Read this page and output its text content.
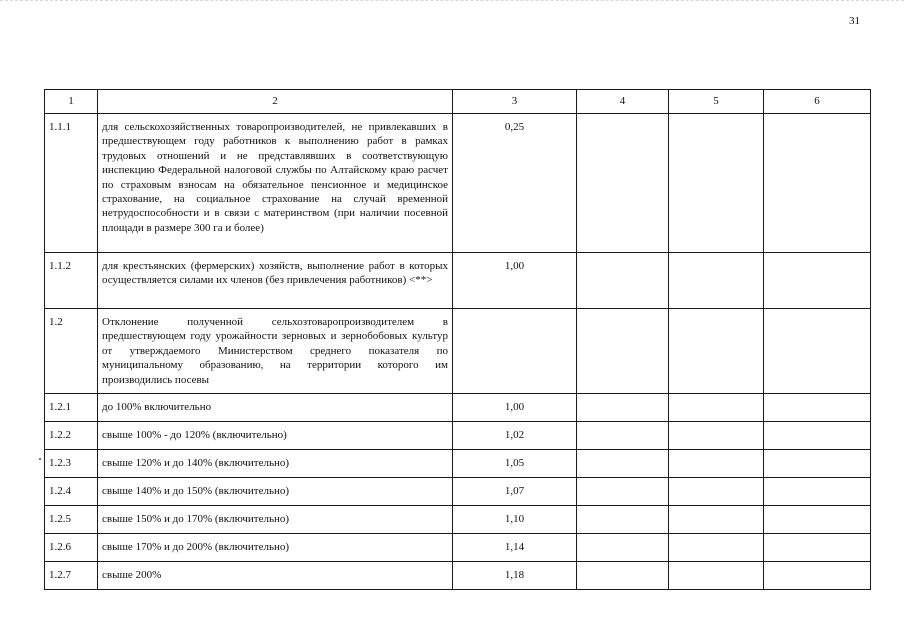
31
1	2	3	4	5	6
1.1.1	для сельскохозяйственных товаропроизводителей, не привлекавших в предшествующем году работников к выполнению работ в рамках трудовых отношений и не представлявших в соответствующую инспекцию Федеральной налоговой службы по Алтайскому краю расчет по страховым взносам на обязательное пенсионное и медицинское страхование, на социальное страхование на случай временной нетрудоспособности и в связи с материнством (при наличии посевной площади в размере 300 га и более)	0,25			
1.1.2	для крестьянских (фермерских) хозяйств, выполнение работ в которых осуществляется силами их членов (без привлечения работников) <**>	1,00			
1.2	Отклонение полученной сельхозтоваропроизводителем в предшествующем году урожайности зерновых и зернобобовых культур от утверждаемого Министерством среднего показателя по муниципальному образованию, на территории которого им производились посевы				
1.2.1	до 100% включительно	1,00			
1.2.2	свыше 100% - до 120% (включительно)	1,02			
1.2.3	свыше 120% и до 140% (включительно)	1,05			
1.2.4	свыше 140% и до 150% (включительно)	1,07			
1.2.5	свыше 150% и до 170% (включительно)	1,10			
1.2.6	свыше 170% и до 200% (включительно)	1,14			
1.2.7	свыше 200%	1,18			
